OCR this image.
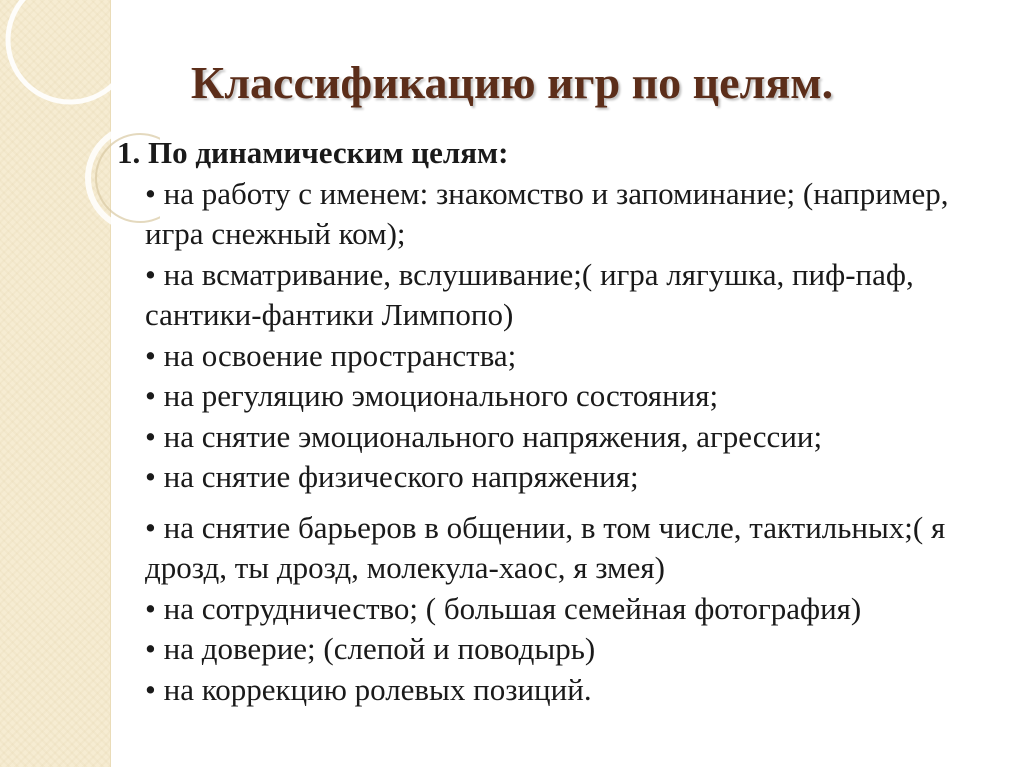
Классификацию игр по целям.

1. По динамическим целям:

• на работу с именем: знакомство и запоминание; (например, игра снежный ком);
• на всматривание, вслушивание;( игра лягушка, пиф-паф, сантики-фантики Лимпопо)
• на освоение пространства;
• на регуляцию эмоционального состояния;
• на снятие эмоционального напряжения, агрессии;
• на снятие физического напряжения;
• на снятие барьеров в общении, в том числе, тактильных;( я дрозд, ты дрозд, молекула-хаос, я змея)
• на сотрудничество; ( большая семейная фотография)
• на доверие; (слепой и поводырь)
• на коррекцию ролевых позиций.
